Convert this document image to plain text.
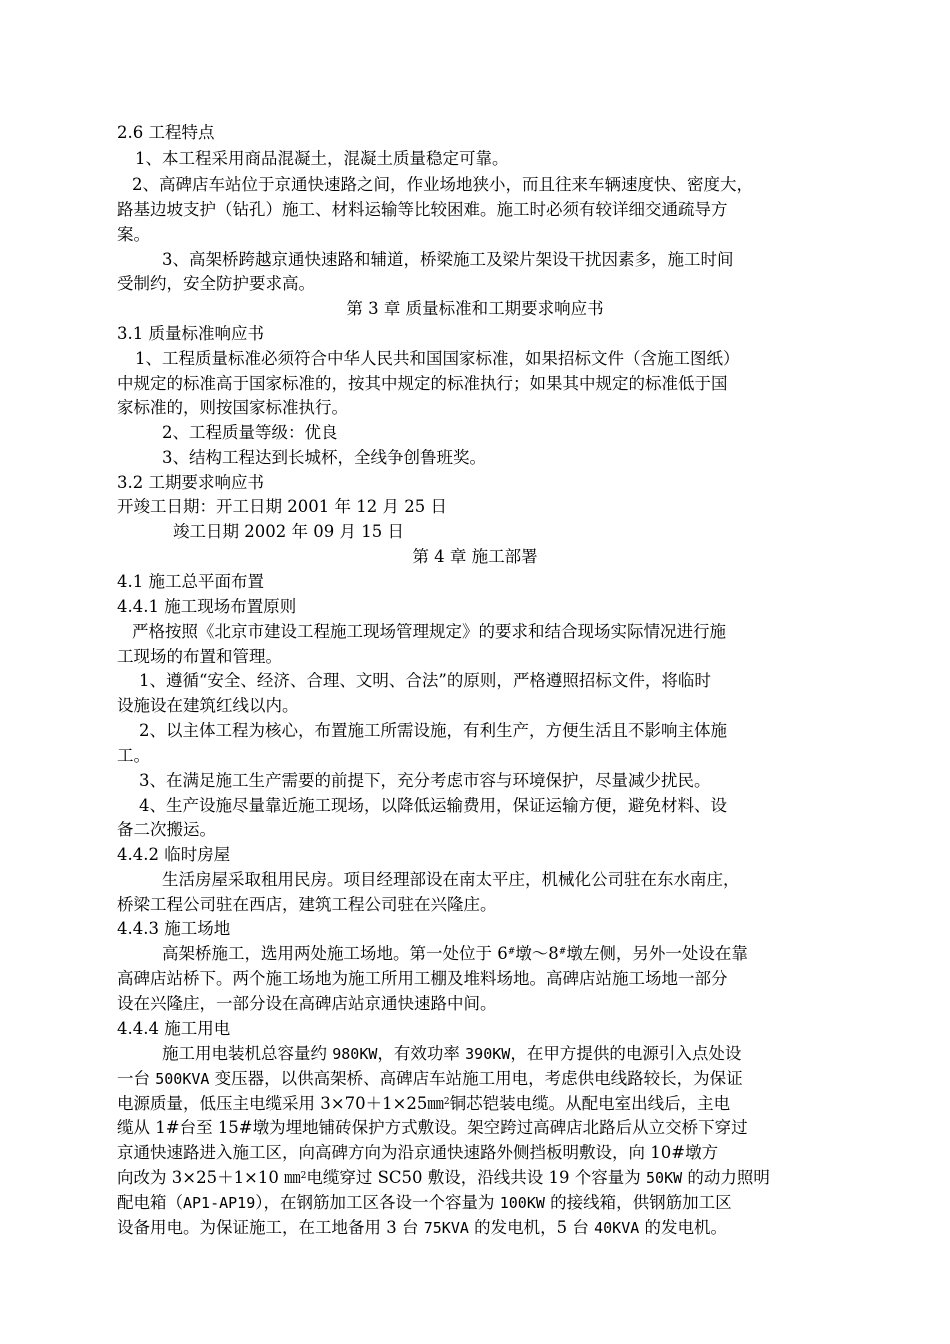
2.6 工程特点
1、本工程采用商品混凝土，混凝土质量稳定可靠。
2、高碑店车站位于京通快速路之间，作业场地狭小，而且往来车辆速度快、密度大，
路基边坡支护（钻孔）施工、材料运输等比较困难。施工时必须有较详细交通疏导方
案。
3、高架桥跨越京通快速路和辅道，桥梁施工及梁片架设干扰因素多，施工时间
受制约，安全防护要求高。
第 3 章 质量标准和工期要求响应书
3.1 质量标准响应书
1、工程质量标准必须符合中华人民共和国国家标准，如果招标文件（含施工图纸）
中规定的标准高于国家标准的，按其中规定的标准执行；如果其中规定的标准低于国
家标准的，则按国家标准执行。
2、工程质量等级：优良
3、结构工程达到长城杯，全线争创鲁班奖。
3.2 工期要求响应书
开竣工日期：开工日期 2001 年 12 月 25 日
竣工日期 2002 年 09 月 15 日
第 4 章 施工部署
4.1 施工总平面布置
4.4.1 施工现场布置原则
严格按照《北京市建设工程施工现场管理规定》的要求和结合现场实际情况进行施
工现场的布置和管理。
1、遵循“安全、经济、合理、文明、合法”的原则，严格遵照招标文件，将临时
设施设在建筑红线以内。
2、以主体工程为核心，布置施工所需设施，有利生产，方便生活且不影响主体施
工。
3、在满足施工生产需要的前提下，充分考虑市容与环境保护，尽量减少扰民。
4、生产设施尽量靠近施工现场，以降低运输费用，保证运输方便，避免材料、设
备二次搬运。
4.4.2 临时房屋
生活房屋采取租用民房。项目经理部设在南太平庄，机械化公司驻在东水南庄，
桥梁工程公司驻在西店，建筑工程公司驻在兴隆庄。
4.4.3 施工场地
高架桥施工，选用两处施工场地。第一处位于 6#墩～8#墩左侧，另外一处设在靠
高碑店站桥下。两个施工场地为施工所用工棚及堆料场地。高碑店站施工场地一部分
设在兴隆庄，一部分设在高碑店站京通快速路中间。
4.4.4 施工用电
施工用电装机总容量约 980KW，有效功率 390KW，在甲方提供的电源引入点处设
一台 500KVA 变压器，以供高架桥、高碑店车站施工用电，考虑供电线路较长，为保证
电源质量，低压主电缆采用 3×70＋1×25㎜$^2$铜芯铠装电缆。从配电室出线后，主电
缆从 1#台至 15#墩为埋地铺砖保护方式敷设。架空跨过高碑店北路后从立交桥下穿过
京通快速路进入施工区，向高碑方向为沿京通快速路外侧挡板明敷设，向 10#墩方
向改为 3×25＋1×10 ㎜$^2$电缆穿过 SC50 敷设，沿线共设 19 个容量为 50KW 的动力照明
配电箱（AP1-AP19），在钢筋加工区各设一个容量为 100KW 的接线箱，供钢筋加工区
设备用电。为保证施工，在工地备用 3 台 75KVA 的发电机，5 台 40KVA 的发电机。
